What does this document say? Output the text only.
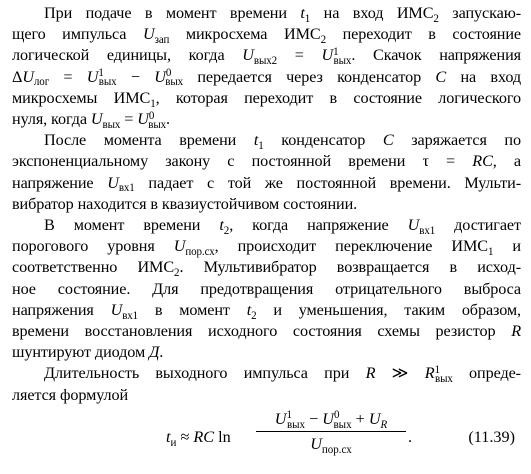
При подаче в момент времени $t_1$ на вход $ИМС_2$ запускаю-
щего импульса $U_{зап}$ микросхема $ИМС_2$ переходит в состояние
логической единицы, когда $U_{вых2} = U^1_{вых}$. Скачок напряжения
$\Delta U_{лог} = U^1_{вых} - U^0_{вых}$ передается через конденсатор C на вход
микросхемы $ИМС_1$, которая переходит в состояние логического
нуля, когда $U_{вых} = U^0_{вых}$.

После момента времени $t_1$ конденсатор C заряжается по
экспоненциальному закону с постоянной времени τ = RC, а
напряжение $U_{вх1}$ падает с той же постоянной времени. Мульти-
вибратор находится в квазиустойчивом состоянии.

В момент времени $t_2$, когда напряжение $U_{вх1}$ достигает
порогового уровня $U_{пор.сх}$, происходит переключение $ИМС_1$ и
соответственно $ИМС_2$. Мультивибратор возвращается в исход-
ное состояние. Для предотвращения отрицательного выброса
напряжения $U_{вх1}$ в момент $t_2$ и уменьшения, таким образом,
времени восстановления исходного состояния схемы резистор R
шунтируют диодом Д.

Длительность выходного импульса при R ≫ $R^1_{вых}$ опреде-
ляется формулой

$t_и$ ≈ RC ln
$U^1_{вых} - U^0_{вых} + U_R$
$U_{пор.сх}$
.	(11.39)
